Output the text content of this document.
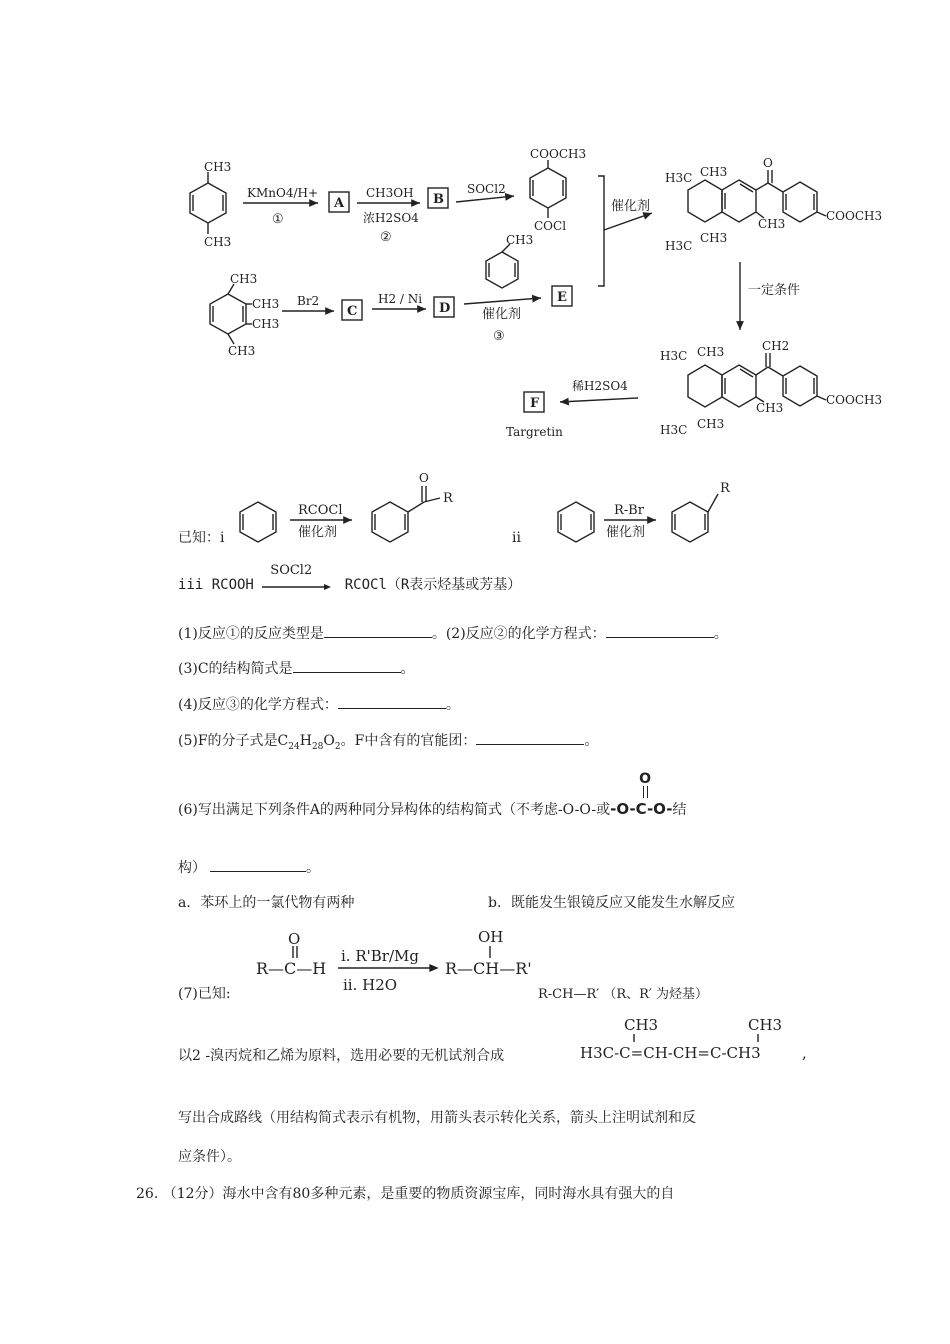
CH3
CH3
KMnO4/H+
①
A
CH3OH
浓H2SO4
②
B
SOCl2
COOCH3
COCl
催化剂
H3C CH3
O
H3C
CH3
CH3
COOCH3
一定条件
CH3
CH3
CH3
CH3
Br2
C
H2 / Ni
D
CH3
催化剂
③
E
CH2
H3C CH3
CH3
COOCH3
H3C CH3
稀H2SO4
F
Targretin
已知：i
RCOCl
催化剂
O
R
ii
R-Br
催化剂
R
iii RCOOH
SOCl2
RCOCl（R表示烃基或芳基）
(1)反应①的反应类型是	。(2)反应②的化学方程式：	。
(3)C的结构简式是	。
(4)反应③的化学方程式：	。
(5)F的分子式是$C_{24}H_{28}O_2$。F中含有的官能团：	。
(6)写出满足下列条件A的两种同分异构体的结构简式（不考虑-O-O-或
O
-O-C-O-结
构）	。
a．苯环上的一氯代物有两种	b．既能发生银镜反应又能发生水解反应
(7)已知:
O
R—C—H
i. R'Br/Mg
ii. H2O
OH
R—CH—R'
R-CH—R′ （R、R′ 为烃基）
以2 -溴丙烷和乙烯为原料，选用必要的无机试剂合成
CH3	CH3
H3C-C=CH-CH=C-CH3	,
写出合成路线（用结构简式表示有机物，用箭头表示转化关系，箭头上注明试剂和反
应条件）。
26. （12分）海水中含有80多种元素，是重要的物质资源宝库，同时海水具有强大的自
